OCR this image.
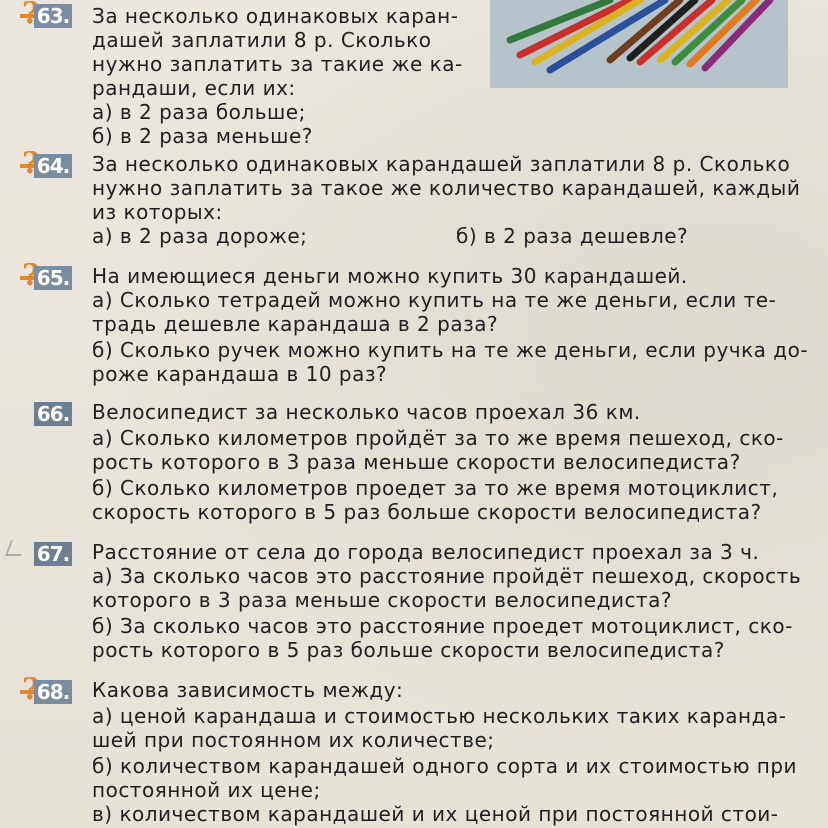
63. За несколько одинаковых каран-
дашей заплатили 8 р. Сколько
нужно заплатить за такие же ка-
рандаши, если их:
а) в 2 раза больше;
б) в 2 раза меньше?
64. За несколько одинаковых карандашей заплатили 8 р. Сколько
нужно заплатить за такое же количество карандашей, каждый
из которых:
а) в 2 раза дороже;	б) в 2 раза дешевле?
65. На имеющиеся деньги можно купить 30 карандашей.
а) Сколько тетрадей можно купить на те же деньги, если те-
традь дешевле карандаша в 2 раза?
б) Сколько ручек можно купить на те же деньги, если ручка до-
роже карандаша в 10 раз?
66. Велосипедист за несколько часов проехал 36 км.
а) Сколько километров пройдёт за то же время пешеход, ско-
рость которого в 3 раза меньше скорости велосипедиста?
б) Сколько километров проедет за то же время мотоциклист,
скорость которого в 5 раз больше скорости велосипедиста?
67. Расстояние от села до города велосипедист проехал за 3 ч.
а) За сколько часов это расстояние пройдёт пешеход, скорость
которого в 3 раза меньше скорости велосипедиста?
б) За сколько часов это расстояние проедет мотоциклист, ско-
рость которого в 5 раз больше скорости велосипедиста?
68. Какова зависимость между:
а) ценой карандаша и стоимостью нескольких таких каранда-
шей при постоянном их количестве;
б) количеством карандашей одного сорта и их стоимостью при
постоянной их цене;
в) количеством карандашей и их ценой при постоянной стои-
